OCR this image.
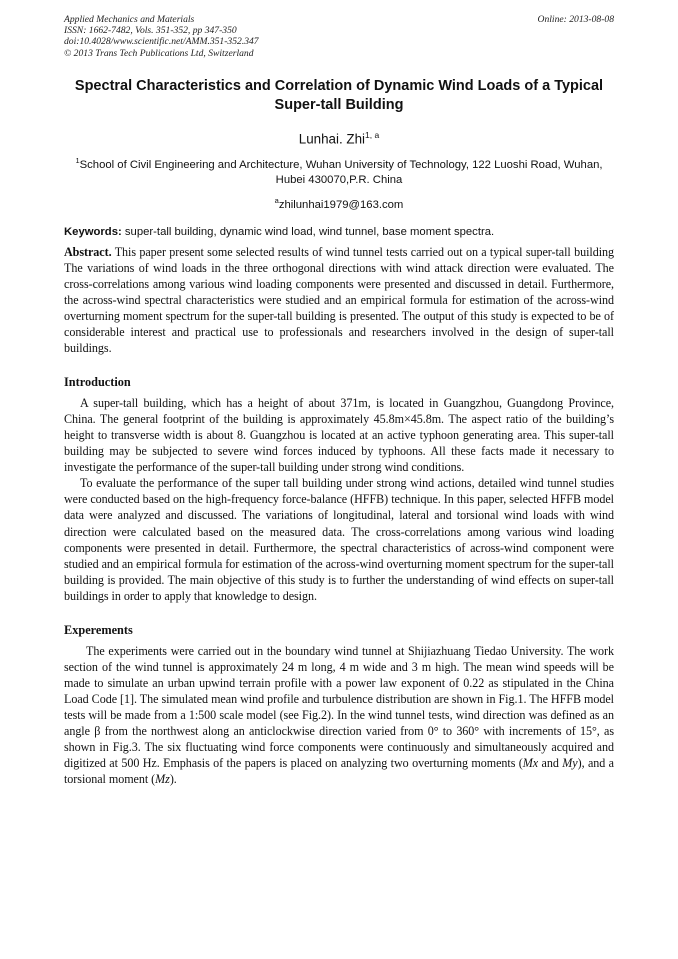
Applied Mechanics and Materials
ISSN: 1662-7482, Vols. 351-352, pp 347-350
doi:10.4028/www.scientific.net/AMM.351-352.347
© 2013 Trans Tech Publications Ltd, Switzerland
Online: 2013-08-08
Spectral Characteristics and Correlation of Dynamic Wind Loads of a Typical Super-tall Building
Lunhai. Zhi$^{1, a}$
$^1$School of Civil Engineering and Architecture, Wuhan University of Technology, 122 Luoshi Road, Wuhan, Hubei 430070,P.R. China
$^a$zhilunhai1979@163.com
Keywords: super-tall building, dynamic wind load, wind tunnel, base moment spectra.

Abstract. This paper present some selected results of wind tunnel tests carried out on a typical super-tall building The variations of wind loads in the three orthogonal directions with wind attack direction were evaluated. The cross-correlations among various wind loading components were presented and discussed in detail. Furthermore, the across-wind spectral characteristics were studied and an empirical formula for estimation of the across-wind overturning moment spectrum for the super-tall building is presented. The output of this study is expected to be of considerable interest and practical use to professionals and researchers involved in the design of super-tall buildings.

Introduction

A super-tall building, which has a height of about 371m, is located in Guangzhou, Guangdong Province, China. The general footprint of the building is approximately 45.8m×45.8m. The aspect ratio of the building’s height to transverse width is about 8. Guangzhou is located at an active typhoon generating area. This super-tall building may be subjected to severe wind forces induced by typhoons. All these facts made it necessary to investigate the performance of the super-tall building under strong wind conditions.

To evaluate the performance of the super tall building under strong wind actions, detailed wind tunnel studies were conducted based on the high-frequency force-balance (HFFB) technique. In this paper, selected HFFB model data were analyzed and discussed. The variations of longitudinal, lateral and torsional wind loads with wind direction were calculated based on the measured data. The cross-correlations among various wind loading components were presented in detail. Furthermore, the spectral characteristics of across-wind component were studied and an empirical formula for estimation of the across-wind overturning moment spectrum for the super-tall building is provided. The main objective of this study is to further the understanding of wind effects on super-tall buildings in order to apply that knowledge to design.

Experements

The experiments were carried out in the boundary wind tunnel at Shijiazhuang Tiedao University. The work section of the wind tunnel is approximately 24 m long, 4 m wide and 3 m high. The mean wind speeds will be made to simulate an urban upwind terrain profile with a power law exponent of 0.22 as stipulated in the China Load Code [1]. The simulated mean wind profile and turbulence distribution are shown in Fig.1. The HFFB model tests will be made from a 1:500 scale model (see Fig.2). In the wind tunnel tests, wind direction was defined as an angle β from the northwest along an anticlockwise direction varied from 0° to 360° with increments of 15°, as shown in Fig.3. The six fluctuating wind force components were continuously and simultaneously acquired and digitized at 500 Hz. Emphasis of the papers is placed on analyzing two overturning moments (Mx and My), and a torsional moment (Mz).
